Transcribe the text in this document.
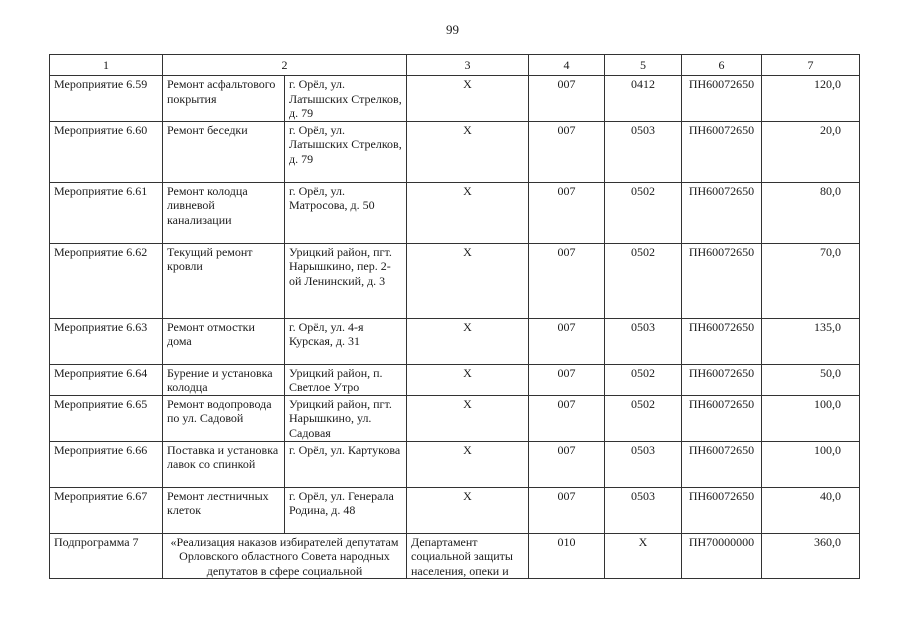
99
1	2		3	4	5	6	7
Мероприятие 6.59	Ремонт асфальтового покрытия	г. Орёл, ул. Латышских Стрелков, д. 79	Х	007	0412	ПН60072650	120,0
Мероприятие 6.60	Ремонт беседки	г. Орёл, ул. Латышских Стрелков, д. 79	Х	007	0503	ПН60072650	20,0
Мероприятие 6.61	Ремонт колодца ливневой канализации	г. Орёл, ул. Матросова, д. 50	Х	007	0502	ПН60072650	80,0
Мероприятие 6.62	Текущий ремонт кровли	Урицкий район, пгт. Нарышкино, пер. 2-ой Ленинский, д. 3	Х	007	0502	ПН60072650	70,0
Мероприятие 6.63	Ремонт отмостки дома	г. Орёл, ул. 4-я Курская, д. 31	Х	007	0503	ПН60072650	135,0
Мероприятие 6.64	Бурение и установка колодца	Урицкий район, п. Светлое Утро	Х	007	0502	ПН60072650	50,0
Мероприятие 6.65	Ремонт водопровода по ул. Садовой	Урицкий район, пгт. Нарышкино, ул. Садовая	Х	007	0502	ПН60072650	100,0
Мероприятие 6.66	Поставка и установка лавок со спинкой	г. Орёл, ул. Картукова	Х	007	0503	ПН60072650	100,0
Мероприятие 6.67	Ремонт лестничных клеток	г. Орёл, ул. Генерала Родина, д. 48	Х	007	0503	ПН60072650	40,0
Подпрограмма 7	«Реализация наказов избирателей депутатам Орловского областного Совета народных депутатов в сфере социальной		Департамент социальной защиты населения, опеки и	010	Х	ПН70000000	360,0
